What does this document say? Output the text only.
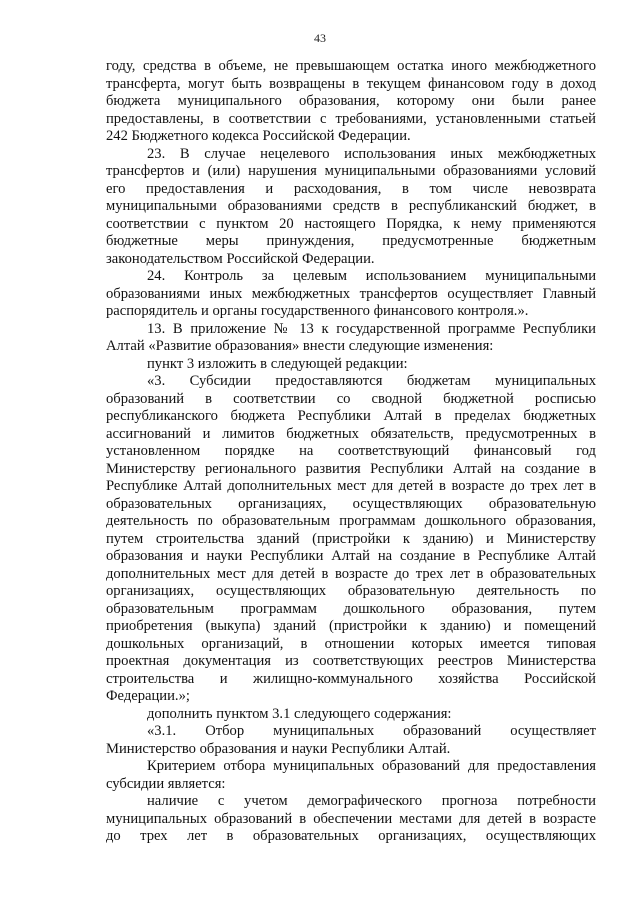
43
году, средства в объеме, не превышающем остатка иного межбюджетного
трансферта, могут быть возвращены в текущем финансовом году в доход
бюджета муниципального образования, которому они были ранее
предоставлены, в соответствии с требованиями, установленными статьей
242 Бюджетного кодекса Российской Федерации.
23. В случае нецелевого использования иных межбюджетных
трансфертов и (или) нарушения муниципальными образованиями условий
его предоставления и расходования, в том числе невозврата
муниципальными образованиями средств в республиканский бюджет, в
соответствии с пунктом 20 настоящего Порядка, к нему применяются
бюджетные меры принуждения, предусмотренные бюджетным
законодательством Российской Федерации.
24. Контроль за целевым использованием муниципальными
образованиями иных межбюджетных трансфертов осуществляет Главный
распорядитель и органы государственного финансового контроля.».
13. В приложение № 13 к государственной программе Республики
Алтай «Развитие образования» внести следующие изменения:
пункт 3 изложить в следующей редакции:
«3. Субсидии предоставляются бюджетам муниципальных
образований в соответствии со сводной бюджетной росписью
республиканского бюджета Республики Алтай в пределах бюджетных
ассигнований и лимитов бюджетных обязательств, предусмотренных в
установленном порядке на соответствующий финансовый год
Министерству регионального развития Республики Алтай на создание в
Республике Алтай дополнительных мест для детей в возрасте до трех лет в
образовательных организациях, осуществляющих образовательную
деятельность по образовательным программам дошкольного образования,
путем строительства зданий (пристройки к зданию) и Министерству
образования и науки Республики Алтай на создание в Республике Алтай
дополнительных мест для детей в возрасте до трех лет в образовательных
организациях, осуществляющих образовательную деятельность по
образовательным программам дошкольного образования, путем
приобретения (выкупа) зданий (пристройки к зданию) и помещений
дошкольных организаций, в отношении которых имеется типовая
проектная документация из соответствующих реестров Министерства
строительства и жилищно-коммунального хозяйства Российской
Федерации.»;
дополнить пунктом 3.1 следующего содержания:
«3.1. Отбор муниципальных образований осуществляет
Министерство образования и науки Республики Алтай.
Критерием отбора муниципальных образований для предоставления
субсидии является:
наличие с учетом демографического прогноза потребности
муниципальных образований в обеспечении местами для детей в возрасте
до трех лет в образовательных организациях, осуществляющих
